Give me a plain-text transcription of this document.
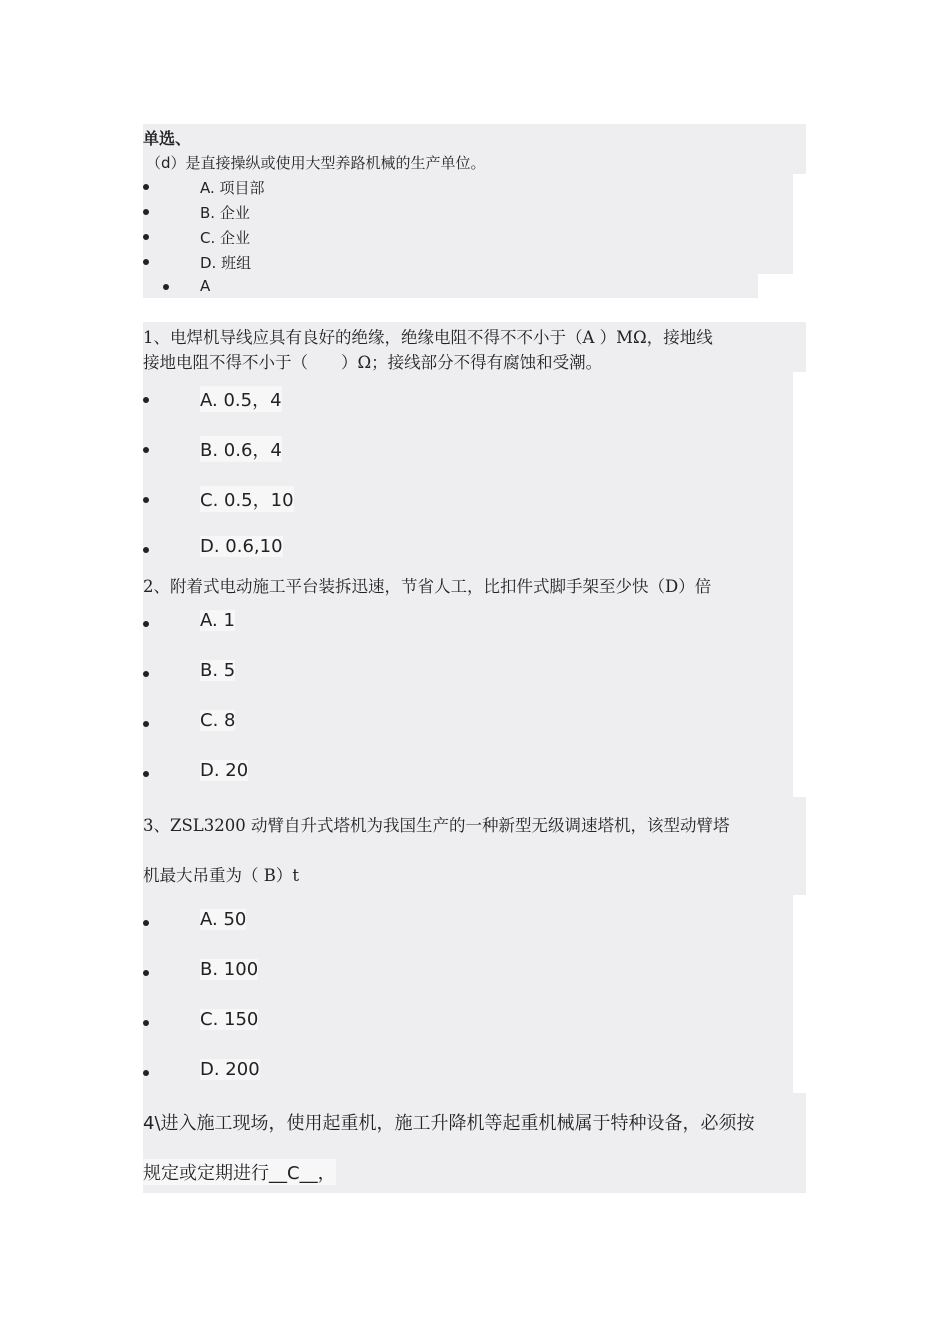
单选、
（d）是直接操纵或使用大型养路机械的生产单位。
A. 项目部
B. 企业
C. 企业
D. 班组
A
1、电焊机导线应具有良好的绝缘，绝缘电阻不得不不小于（A ）MΩ，接地线
接地电阻不得不小于（　　）Ω；接线部分不得有腐蚀和受潮。
A. 0.5，4
B. 0.6，4
C. 0.5，10
D. 0.6,10
2、附着式电动施工平台装拆迅速，节省人工，比扣件式脚手架至少快（D）倍
A. 1
B. 5
C. 8
D. 20
3、ZSL3200 动臂自升式塔机为我国生产的一种新型无级调速塔机，该型动臂塔
机最大吊重为（ B）t
A. 50
B. 100
C. 150
D. 200
4\进入施工现场，使用起重机，施工升降机等起重机械属于特种设备，必须按
规定或定期进行__C__，
